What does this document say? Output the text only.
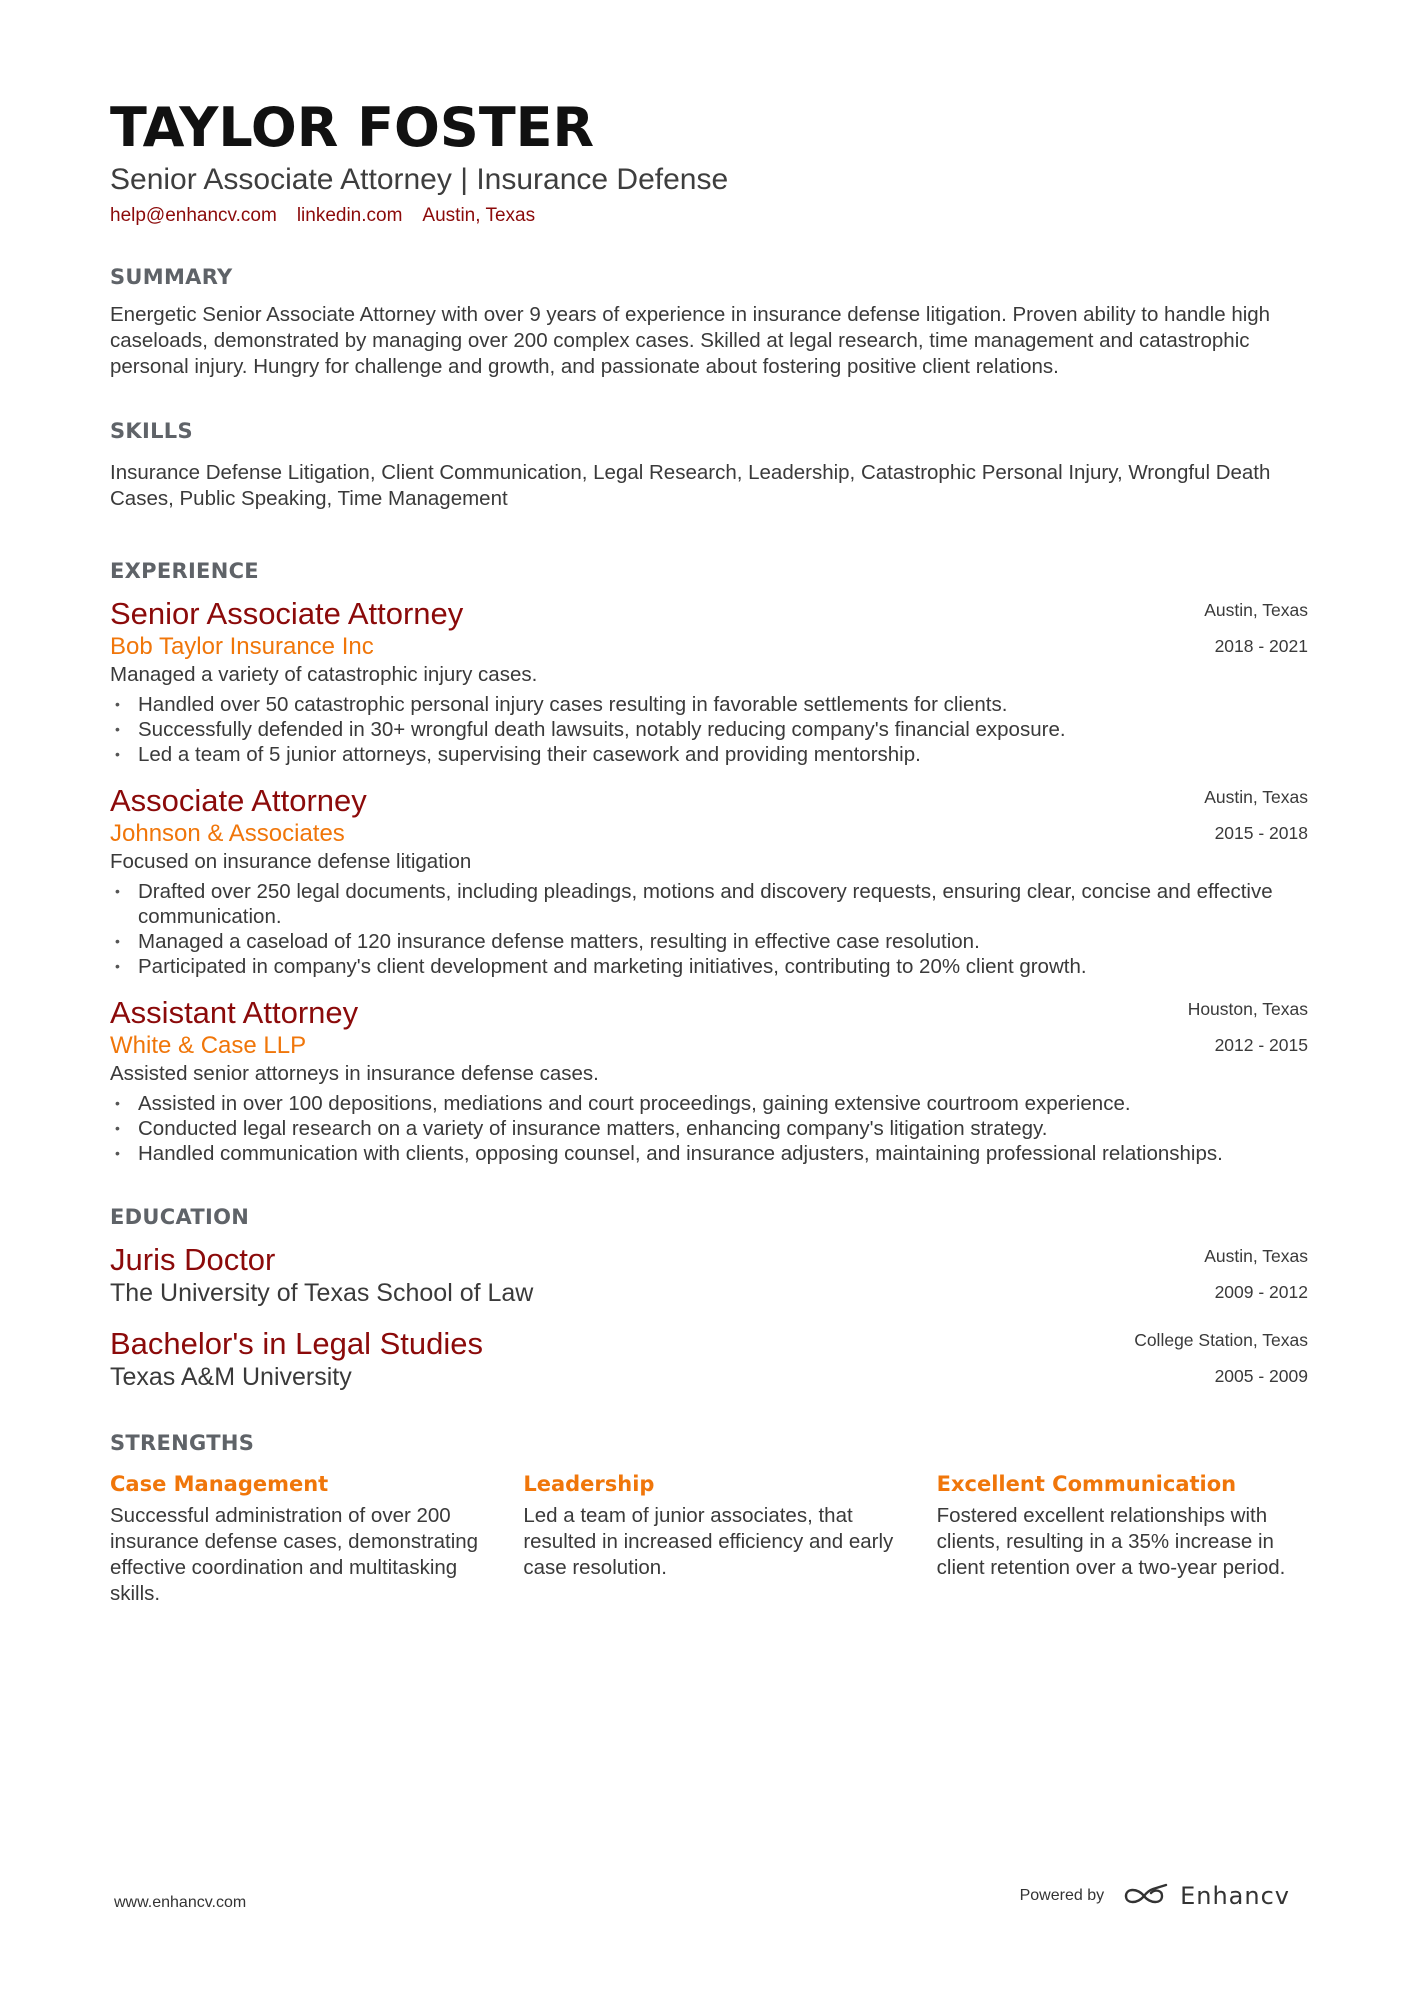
TAYLOR FOSTER
Senior Associate Attorney | Insurance Defense
help@enhancv.com linkedin.com Austin, Texas
SUMMARY
Energetic Senior Associate Attorney with over 9 years of experience in insurance defense litigation. Proven ability to handle high caseloads, demonstrated by managing over 200 complex cases. Skilled at legal research, time management and catastrophic personal injury. Hungry for challenge and growth, and passionate about fostering positive client relations.
SKILLS
Insurance Defense Litigation, Client Communication, Legal Research, Leadership, Catastrophic Personal Injury, Wrongful Death Cases, Public Speaking, Time Management
EXPERIENCE
Senior Associate Attorney
Bob Taylor Insurance Inc
Austin, Texas
2018 - 2021
Managed a variety of catastrophic injury cases.
• Handled over 50 catastrophic personal injury cases resulting in favorable settlements for clients.
• Successfully defended in 30+ wrongful death lawsuits, notably reducing company's financial exposure.
• Led a team of 5 junior attorneys, supervising their casework and providing mentorship.
Associate Attorney
Johnson & Associates
Austin, Texas
2015 - 2018
Focused on insurance defense litigation
• Drafted over 250 legal documents, including pleadings, motions and discovery requests, ensuring clear, concise and effective communication.
• Managed a caseload of 120 insurance defense matters, resulting in effective case resolution.
• Participated in company's client development and marketing initiatives, contributing to 20% client growth.
Assistant Attorney
White & Case LLP
Houston, Texas
2012 - 2015
Assisted senior attorneys in insurance defense cases.
• Assisted in over 100 depositions, mediations and court proceedings, gaining extensive courtroom experience.
• Conducted legal research on a variety of insurance matters, enhancing company's litigation strategy.
• Handled communication with clients, opposing counsel, and insurance adjusters, maintaining professional relationships.
EDUCATION
Juris Doctor
The University of Texas School of Law
Austin, Texas
2009 - 2012
Bachelor's in Legal Studies
Texas A&M University
College Station, Texas
2005 - 2009
STRENGTHS
Case Management
Successful administration of over 200 insurance defense cases, demonstrating effective coordination and multitasking skills.
Leadership
Led a team of junior associates, that resulted in increased efficiency and early case resolution.
Excellent Communication
Fostered excellent relationships with clients, resulting in a 35% increase in client retention over a two-year period.
www.enhancv.com	Powered by	Enhancv
